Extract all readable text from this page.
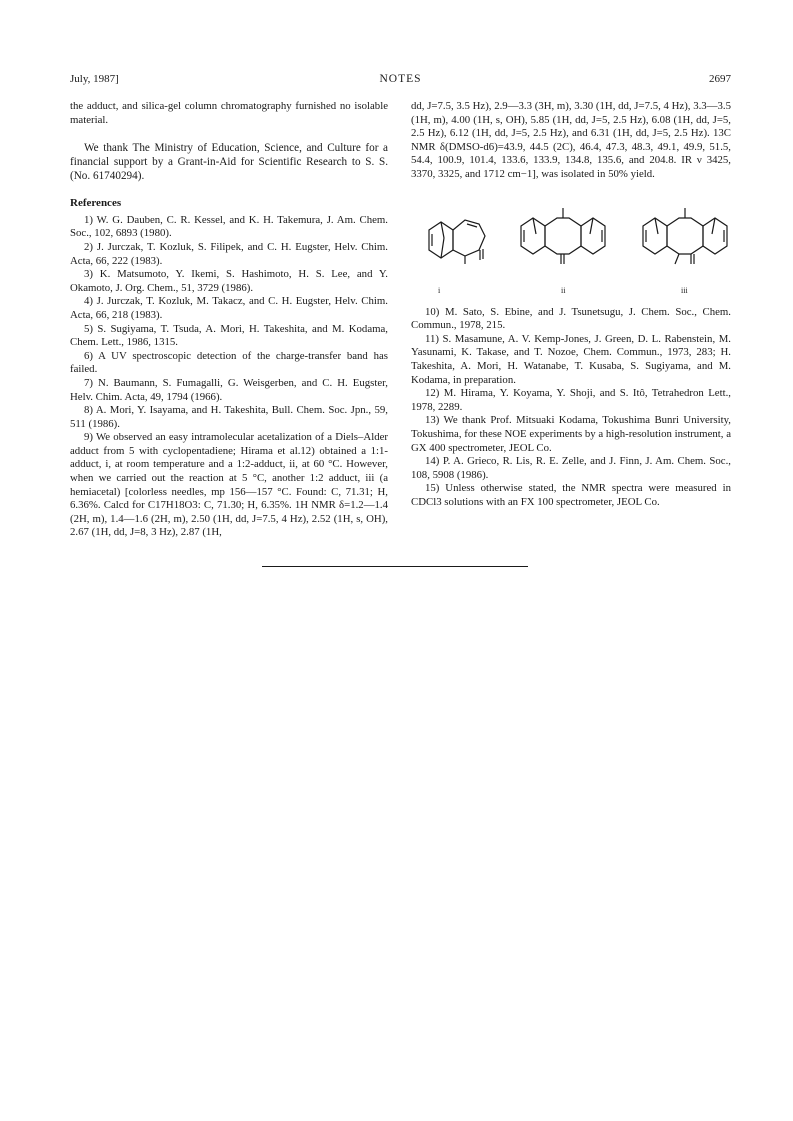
July, 1987]	NOTES	2697

the adduct, and silica-gel column chromatography furnished no isolable material.

We thank The Ministry of Education, Science, and Culture for a financial support by a Grant-in-Aid for Scientific Research to S. S. (No. 61740294).

References

1) W. G. Dauben, C. R. Kessel, and K. H. Takemura, J. Am. Chem. Soc., 102, 6893 (1980).

2) J. Jurczak, T. Kozluk, S. Filipek, and C. H. Eugster, Helv. Chim. Acta, 66, 222 (1983).

3) K. Matsumoto, Y. Ikemi, S. Hashimoto, H. S. Lee, and Y. Okamoto, J. Org. Chem., 51, 3729 (1986).

4) J. Jurczak, T. Kozluk, M. Takacz, and C. H. Eugster, Helv. Chim. Acta, 66, 218 (1983).

5) S. Sugiyama, T. Tsuda, A. Mori, H. Takeshita, and M. Kodama, Chem. Lett., 1986, 1315.

6) A UV spectroscopic detection of the charge-transfer band has failed.

7) N. Baumann, S. Fumagalli, G. Weisgerben, and C. H. Eugster, Helv. Chim. Acta, 49, 1794 (1966).

8) A. Mori, Y. Isayama, and H. Takeshita, Bull. Chem. Soc. Jpn., 59, 511 (1986).

9) We observed an easy intramolecular acetalization of a Diels–Alder adduct from 5 with cyclopentadiene; Hirama et al.12) obtained a 1:1-adduct, i, at room temperature and a 1:2-adduct, ii, at 60 °C. However, when we carried out the reaction at 5 °C, another 1:2 adduct, iii (a hemiacetal) [colorless needles, mp 156—157 °C. Found: C, 71.31; H, 6.36%. Calcd for C17H18O3: C, 71.30; H, 6.35%. 1H NMR δ=1.2—1.4 (2H, m), 1.4—1.6 (2H, m), 2.50 (1H, dd, J=7.5, 4 Hz), 2.52 (1H, s, OH), 2.67 (1H, dd, J=8, 3 Hz), 2.87 (1H,

dd, J=7.5, 3.5 Hz), 2.9—3.3 (3H, m), 3.30 (1H, dd, J=7.5, 4 Hz), 3.3—3.5 (1H, m), 4.00 (1H, s, OH), 5.85 (1H, dd, J=5, 2.5 Hz), 6.08 (1H, dd, J=5, 2.5 Hz), 6.12 (1H, dd, J=5, 2.5 Hz), and 6.31 (1H, dd, J=5, 2.5 Hz). 13C NMR δ(DMSO-d6)=43.9, 44.5 (2C), 46.4, 47.3, 48.3, 49.1, 49.9, 51.5, 54.4, 100.9, 101.4, 133.6, 133.9, 134.8, 135.6, and 204.8. IR ν 3425, 3370, 3325, and 1712 cm−1], was isolated in 50% yield.

i	ii	iii

10) M. Sato, S. Ebine, and J. Tsunetsugu, J. Chem. Soc., Chem. Commun., 1978, 215.

11) S. Masamune, A. V. Kemp-Jones, J. Green, D. L. Rabenstein, M. Yasunami, K. Takase, and T. Nozoe, Chem. Commun., 1973, 283; H. Takeshita, A. Mori, H. Watanabe, T. Kusaba, S. Sugiyama, and M. Kodama, in preparation.

12) M. Hirama, Y. Koyama, Y. Shoji, and S. Itô, Tetrahedron Lett., 1978, 2289.

13) We thank Prof. Mitsuaki Kodama, Tokushima Bunri University, Tokushima, for these NOE experiments by a high-resolution instrument, a GX 400 spectrometer, JEOL Co.

14) P. A. Grieco, R. Lis, R. E. Zelle, and J. Finn, J. Am. Chem. Soc., 108, 5908 (1986).

15) Unless otherwise stated, the NMR spectra were measured in CDCl3 solutions with an FX 100 spectrometer, JEOL Co.
